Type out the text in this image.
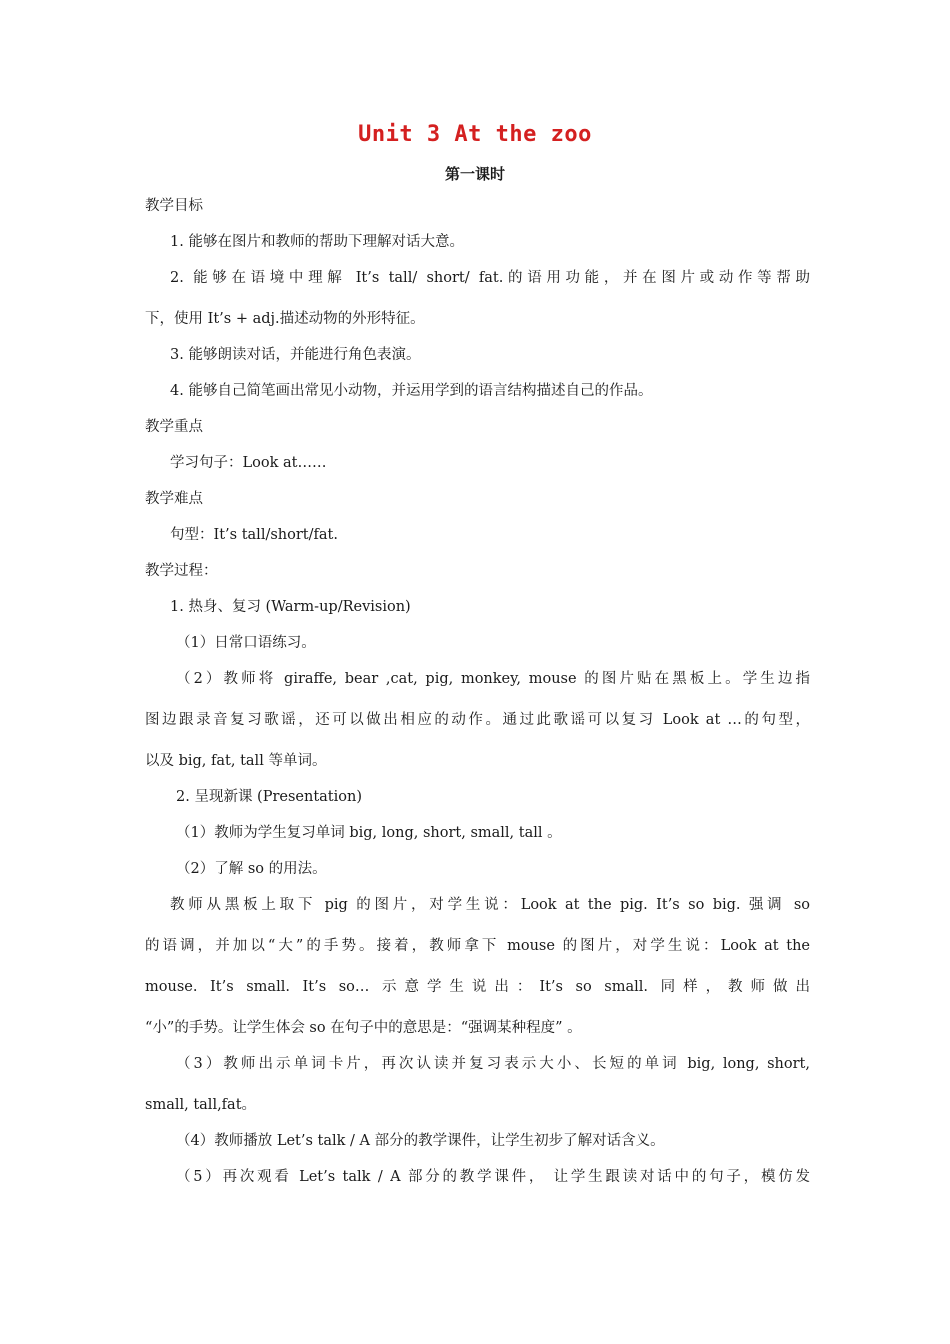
Unit 3 At the zoo
第一课时
教学目标
1. 能够在图片和教师的帮助下理解对话大意。
2. 能够在语境中理解 It’s tall/ short/ fat.的语用功能，并在图片或动作等帮助
下，使用 It’s + adj.描述动物的外形特征。
3. 能够朗读对话，并能进行角色表演。
4. 能够自己简笔画出常见小动物，并运用学到的语言结构描述自己的作品。
教学重点
学习句子：Look at……
教学难点
句型：It’s tall/short/fat.
教学过程：
1. 热身、复习 (Warm-up/Revision)
（1）日常口语练习。
（2）教师将 giraffe, bear ,cat, pig, monkey, mouse 的图片贴在黑板上。学生边指
图边跟录音复习歌谣，还可以做出相应的动作。通过此歌谣可以复习 Look at …的句型，
以及 big, fat, tall 等单词。
2. 呈现新课 (Presentation)
（1）教师为学生复习单词 big, long, short, small, tall 。
（2）了解 so 的用法。
教师从黑板上取下 pig 的图片，对学生说：Look at the pig. It’s so big. 强调 so
的语调，并加以“大”的手势。接着，教师拿下 mouse 的图片，对学生说：Look at the
mouse. It’s small. It’s so… 示意学生说出：It’s so small. 同样，教师做出
“小”的手势。让学生体会 so 在句子中的意思是：“强调某种程度” 。
（3）教师出示单词卡片，再次认读并复习表示大小、长短的单词 big, long, short,
small, tall,fat。
（4）教师播放 Let’s talk / A 部分的教学课件，让学生初步了解对话含义。
（5）再次观看 Let’s talk / A 部分的教学课件， 让学生跟读对话中的句子，模仿发
